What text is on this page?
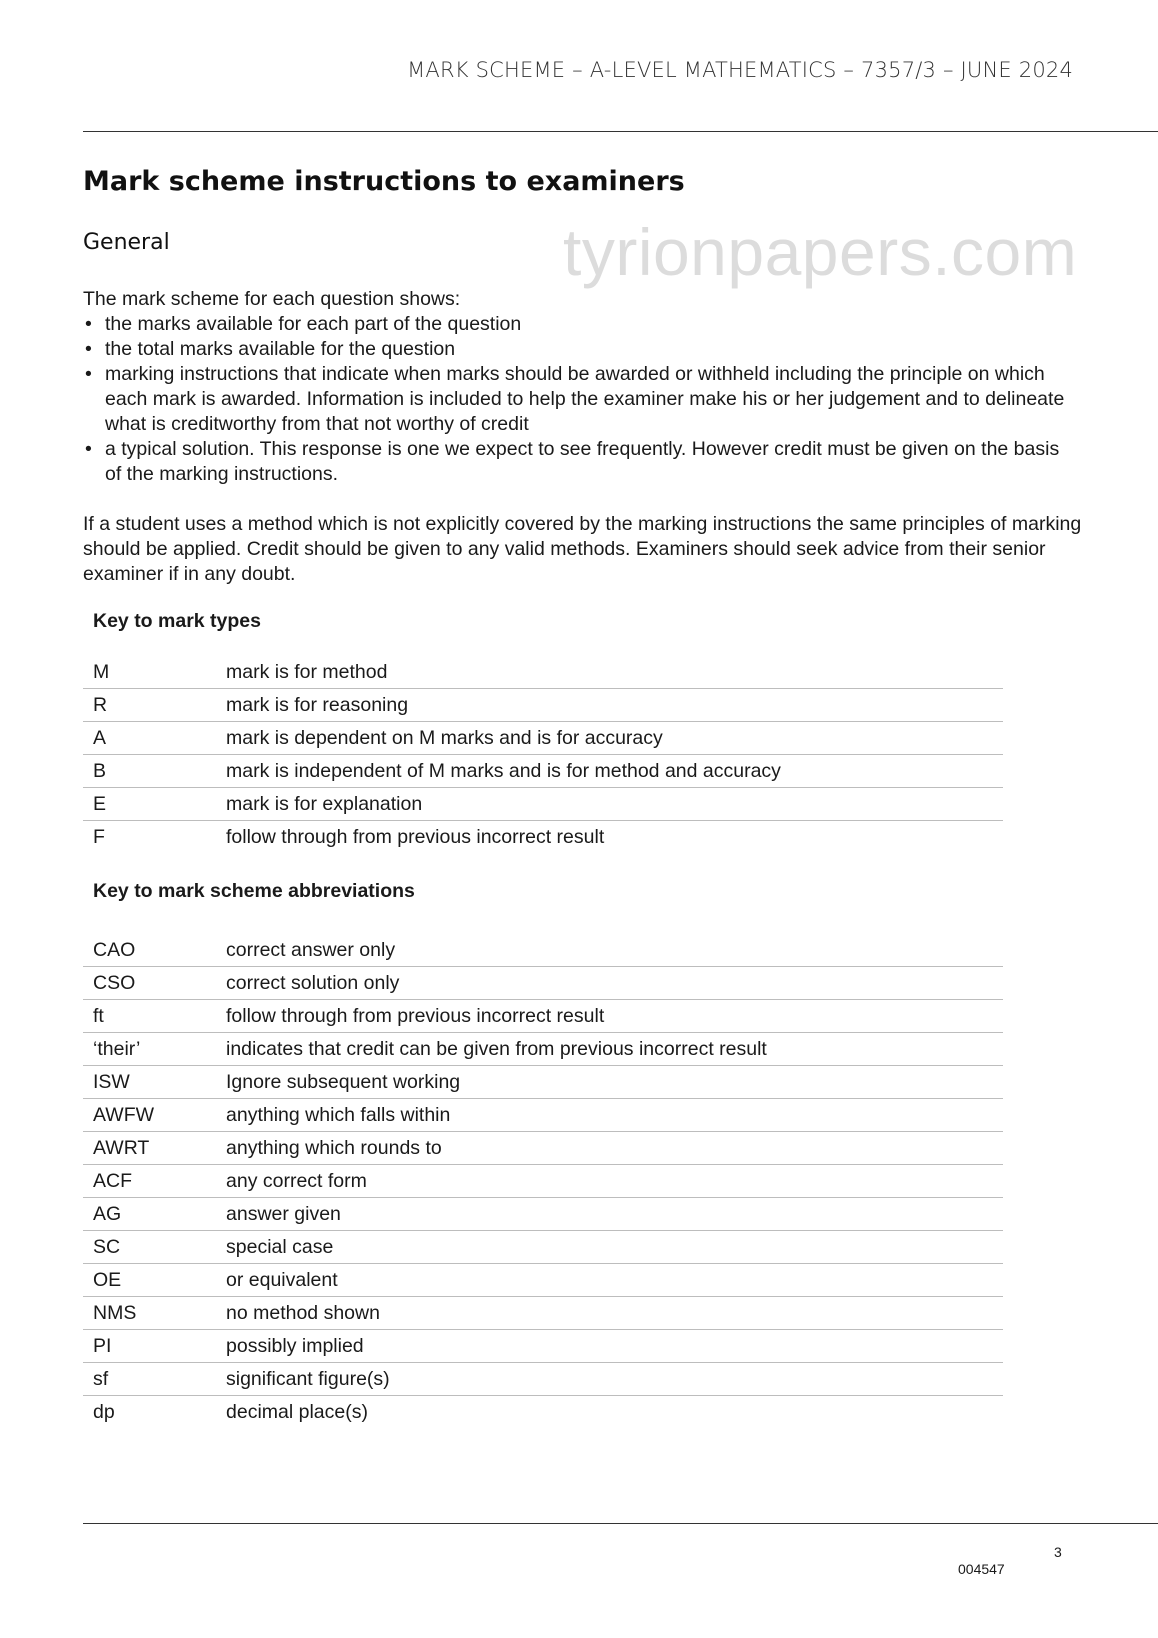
MARK SCHEME – A-LEVEL MATHEMATICS – 7357/3 – JUNE 2024
Mark scheme instructions to examiners
tyrionpapers.com
General

The mark scheme for each question shows:

• the marks available for each part of the question
• the total marks available for the question
• marking instructions that indicate when marks should be awarded or withheld including the principle on which each mark is awarded. Information is included to help the examiner make his or her judgement and to delineate what is creditworthy from that not worthy of credit
• a typical solution. This response is one we expect to see frequently. However credit must be given on the basis of the marking instructions.

If a student uses a method which is not explicitly covered by the marking instructions the same principles of marking should be applied. Credit should be given to any valid methods. Examiners should seek advice from their senior examiner if in any doubt.

Key to mark types
M	mark is for method
R	mark is for reasoning
A	mark is dependent on M marks and is for accuracy
B	mark is independent of M marks and is for method and accuracy
E	mark is for explanation
F	follow through from previous incorrect result
Key to mark scheme abbreviations
CAO	correct answer only
CSO	correct solution only
ft	follow through from previous incorrect result
‘their’	indicates that credit can be given from previous incorrect result
ISW	Ignore subsequent working
AWFW	anything which falls within
AWRT	anything which rounds to
ACF	any correct form
AG	answer given
SC	special case
OE	or equivalent
NMS	no method shown
PI	possibly implied
sf	significant figure(s)
dp	decimal place(s)
3
004547
